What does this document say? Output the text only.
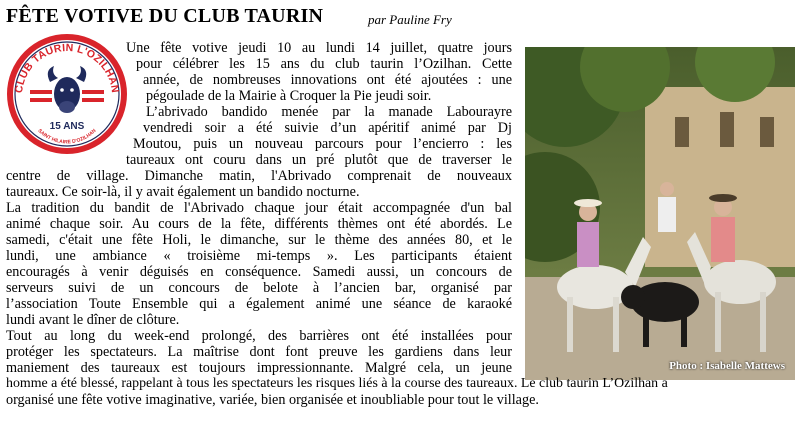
FÊTE VOTIVE DU CLUB TAURIN	par Pauline Fry
CLUB TAURIN L'OZILHAN
15 ANS
SAINT HILAIRE D'OZILHAN
Photo : Isabelle Mattews
Une fête votive jeudi 10 au lundi 14 juillet, quatre jours
pour célébrer les 15 ans du club taurin l’Ozilhan. Cette
année, de nombreuses innovations ont été ajoutées : une
pégoulade de la Mairie à Croquer la Pie jeudi soir.
L’abrivado bandido menée par la manade Labourayre
vendredi soir a été suivie d’un apéritif animé par Dj
Moutou, puis un nouveau parcours pour l’encierro : les
taureaux ont couru dans un pré plutôt que de traverser le
centre de village. Dimanche matin, l'Abrivado comprenait de nouveaux
taureaux. Ce soir-là, il y avait également un bandido nocturne.
La tradition du bandit de l'Abrivado chaque jour était accompagnée d'un bal
animé chaque soir. Au cours de la fête, différents thèmes ont été abordés. Le
samedi, c'était une fête Holi, le dimanche, sur le thème des années 80, et le
lundi, une ambiance « troisième mi-temps ». Les participants étaient
encouragés à venir déguisés en conséquence. Samedi aussi, un concours de
serveurs suivi de un concours de belote à l’ancien bar, organisé par
l’association Toute Ensemble qui a également animé une séance de karaoké
lundi avant le dîner de clôture.
Tout au long du week-end prolongé, des barrières ont été installées pour
protéger les spectateurs. La maîtrise dont font preuve les gardiens dans leur
maniement des taureaux est toujours impressionnante. Malgré cela, un jeune
homme a été blessé, rappelant à tous les spectateurs les risques liés à la course des taureaux. Le club taurin L’Ozilhan a
organisé une fête votive imaginative, variée, bien organisée et inoubliable pour tout le village.
